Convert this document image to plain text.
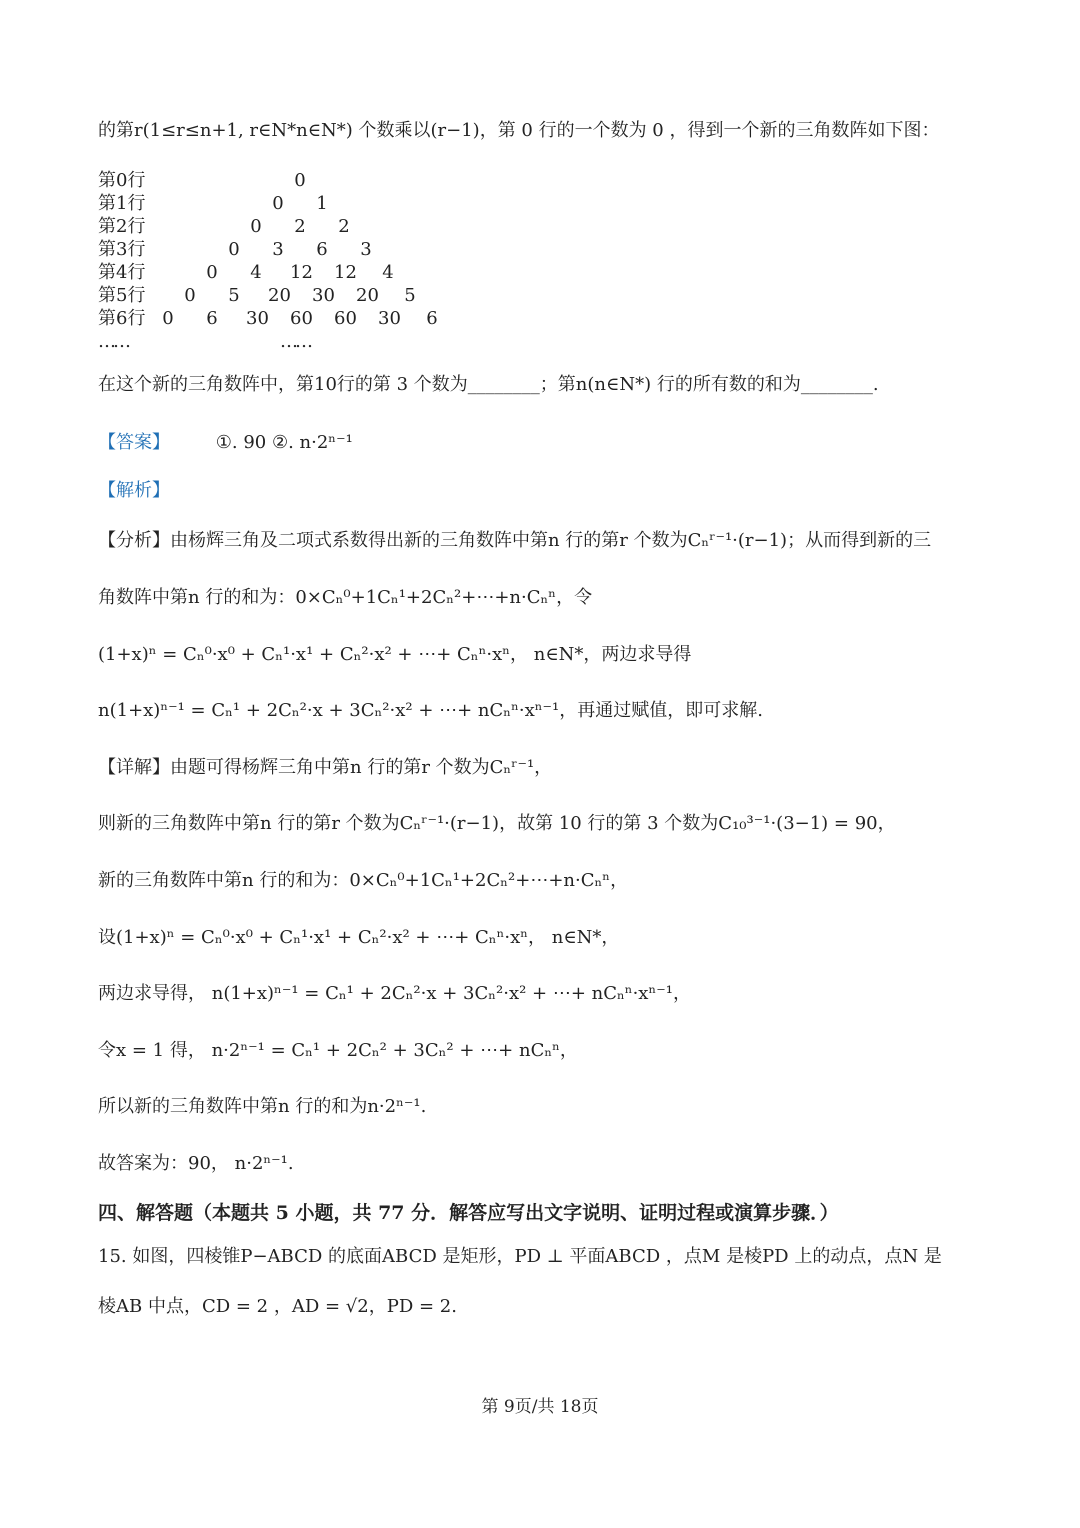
的第r(1≤r≤n+1, r∈N*n∈N*) 个数乘以(r−1)，第 0 行的一个数为 0 ，得到一个新的三角数阵如下图：
第0行	0
第1行	0 1
第2行	0 2 2
第3行	0 3 6 3
第4行	0 4 12 12 4
第5行 0 5 20 30 20 5
第6行 0 6 30 60 60 30 6
……	……
在这个新的三角数阵中，第10行的第 3 个数为________；第n(n∈N*) 行的所有数的和为________.
【答案】	①. 90 ②. n·2ⁿ⁻¹
【解析】
【分析】由杨辉三角及二项式系数得出新的三角数阵中第n 行的第r 个数为Cₙʳ⁻¹·(r−1)；从而得到新的三
角数阵中第n 行的和为：0×Cₙ⁰+1Cₙ¹+2Cₙ²+⋯+n·Cₙⁿ，令
(1+x)ⁿ = Cₙ⁰·x⁰ + Cₙ¹·x¹ + Cₙ²·x² + ⋯+ Cₙⁿ·xⁿ， n∈N*，两边求导得
n(1+x)ⁿ⁻¹ = Cₙ¹ + 2Cₙ²·x + 3Cₙ²·x² + ⋯+ nCₙⁿ·xⁿ⁻¹，再通过赋值，即可求解.
【详解】由题可得杨辉三角中第n 行的第r 个数为Cₙʳ⁻¹，
则新的三角数阵中第n 行的第r 个数为Cₙʳ⁻¹·(r−1)，故第 10 行的第 3 个数为C₁₀³⁻¹·(3−1) = 90，
新的三角数阵中第n 行的和为：0×Cₙ⁰+1Cₙ¹+2Cₙ²+⋯+n·Cₙⁿ，
设(1+x)ⁿ = Cₙ⁰·x⁰ + Cₙ¹·x¹ + Cₙ²·x² + ⋯+ Cₙⁿ·xⁿ， n∈N*，
两边求导得， n(1+x)ⁿ⁻¹ = Cₙ¹ + 2Cₙ²·x + 3Cₙ²·x² + ⋯+ nCₙⁿ·xⁿ⁻¹，
令x = 1 得， n·2ⁿ⁻¹ = Cₙ¹ + 2Cₙ² + 3Cₙ² + ⋯+ nCₙⁿ，
所以新的三角数阵中第n 行的和为n·2ⁿ⁻¹.
故答案为：90， n·2ⁿ⁻¹.
四、解答题（本题共 5 小题，共 77 分．解答应写出文字说明、证明过程或演算步骤．）
15. 如图，四棱锥P−ABCD 的底面ABCD 是矩形，PD ⊥ 平面ABCD ，点M 是棱PD 上的动点，点N 是
棱AB 中点，CD = 2 ，AD = √2，PD = 2.
第 9页/共 18页
